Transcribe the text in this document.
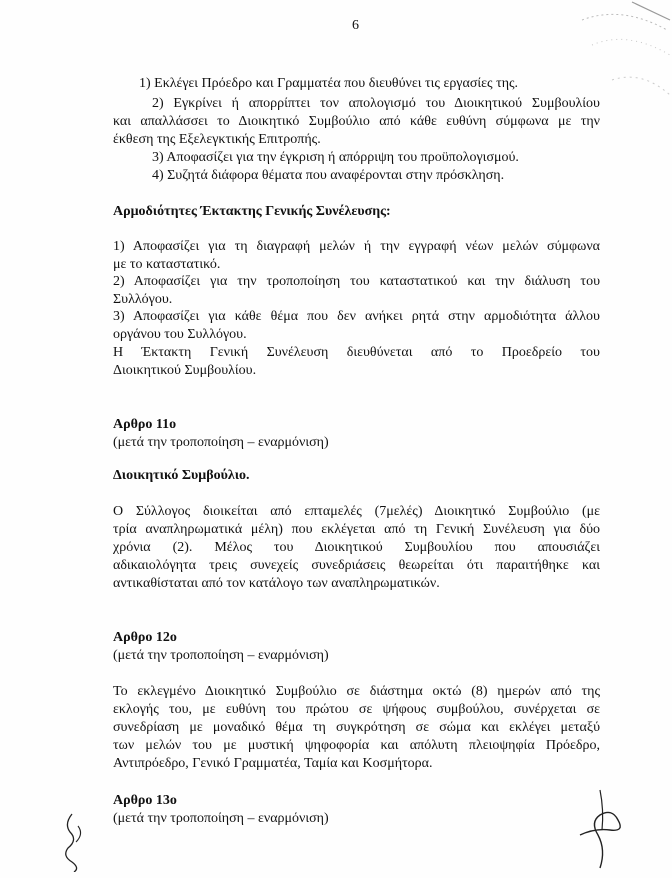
6
1) Εκλέγει Πρόεδρο και Γραμματέα που διευθύνει τις εργασίες της.
2) Εγκρίνει ή απορρίπτει τον απολογισμό του Διοικητικού Συμβουλίου
και απαλλάσσει το Διοικητικό Συμβούλιο από κάθε ευθύνη σύμφωνα με την
έκθεση της Εξελεγκτικής Επιτροπής.
3) Αποφασίζει για την έγκριση ή απόρριψη του προϋπολογισμού.
4) Συζητά διάφορα θέματα που αναφέρονται στην πρόσκληση.
Αρμοδιότητες Έκτακτης Γενικής Συνέλευσης:
1) Αποφασίζει για τη διαγραφή μελών ή την εγγραφή νέων μελών σύμφωνα
με το καταστατικό.
2) Αποφασίζει για την τροποποίηση του καταστατικού και την διάλυση του
Συλλόγου.
3) Αποφασίζει για κάθε θέμα που δεν ανήκει ρητά στην αρμοδιότητα άλλου
οργάνου του Συλλόγου.
Η Έκτακτη Γενική Συνέλευση διευθύνεται από το Προεδρείο του
Διοικητικού Συμβουλίου.
Αρθρο 11ο
(μετά την τροποποίηση – εναρμόνιση)
Διοικητικό Συμβούλιο.
Ο Σύλλογος διοικείται από επταμελές (7μελές) Διοικητικό Συμβούλιο (με
τρία αναπληρωματικά μέλη) που εκλέγεται από τη Γενική Συνέλευση για δύο
χρόνια (2). Μέλος του Διοικητικού Συμβουλίου που απουσιάζει
αδικαιολόγητα τρεις συνεχείς συνεδριάσεις θεωρείται ότι παραιτήθηκε και
αντικαθίσταται από τον κατάλογο των αναπληρωματικών.
Αρθρο 12ο
(μετά την τροποποίηση – εναρμόνιση)
Το εκλεγμένο Διοικητικό Συμβούλιο σε διάστημα οκτώ (8) ημερών από της
εκλογής του, με ευθύνη του πρώτου σε ψήφους συμβούλου, συνέρχεται σε
συνεδρίαση με μοναδικό θέμα τη συγκρότηση σε σώμα και εκλέγει μεταξύ
των μελών του με μυστική ψηφοφορία και απόλυτη πλειοψηφία Πρόεδρο,
Αντιπρόεδρο, Γενικό Γραμματέα, Ταμία και Κοσμήτορα.
Αρθρο 13ο
(μετά την τροποποίηση – εναρμόνιση)
